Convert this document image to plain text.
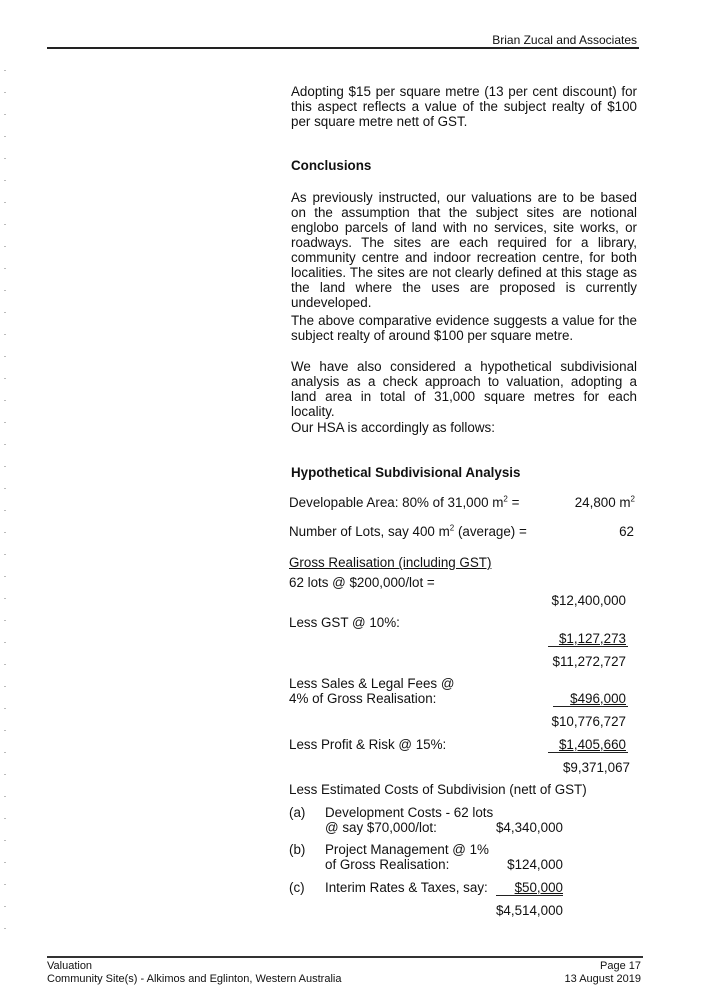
Brian Zucal and Associates
Adopting $15 per square metre (13 per cent discount) for this aspect reflects a value of the subject realty of $100 per square metre nett of GST.
Conclusions
As previously instructed, our valuations are to be based on the assumption that the subject sites are notional englobo parcels of land with no services, site works, or roadways. The sites are each required for a library, community centre and indoor recreation centre, for both localities. The sites are not clearly defined at this stage as the land where the uses are proposed is currently undeveloped.
The above comparative evidence suggests a value for the subject realty of around $100 per square metre.
We have also considered a hypothetical subdivisional analysis as a check approach to valuation, adopting a land area in total of 31,000 square metres for each locality.
Our HSA is accordingly as follows:
Hypothetical Subdivisional Analysis
Developable Area: 80% of 31,000 $m^2$ =	24,800 $m^2$
Number of Lots, say 400 $m^2$ (average) =	62
Gross Realisation (including GST)
62 lots @ $200,000/lot =
$12,400,000
Less GST @ 10%:
$1,127,273
$11,272,727
Less Sales & Legal Fees @
4% of Gross Realisation:	$496,000
$10,776,727
Less Profit & Risk @ 15%:	$1,405,660
$9,371,067
Less Estimated Costs of Subdivision (nett of GST)
(a) Development Costs - 62 lots
@ say $70,000/lot:	$4,340,000
(b) Project Management @ 1%
of Gross Realisation:	$124,000
(c) Interim Rates & Taxes, say: $50,000
$4,514,000
Valuation
Community Site(s) - Alkimos and Eglinton, Western Australia
Page 17
13 August 2019
